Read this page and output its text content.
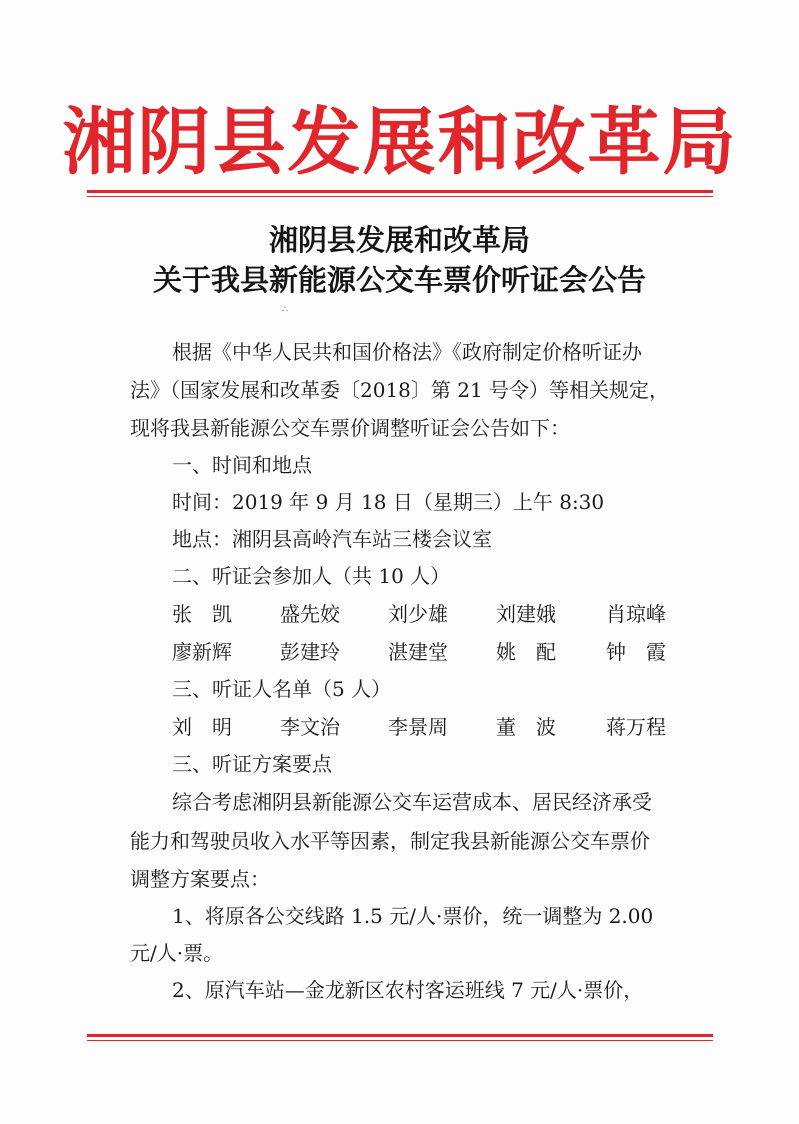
湘阴县发展和改革局
湘阴县发展和改革局
关于我县新能源公交车票价听证会公告
∴
根据《中华人民共和国价格法》《政府制定价格听证办
法》（国家发展和改革委〔2018〕第 21 号令）等相关规定，
现将我县新能源公交车票价调整听证会公告如下：
一、时间和地点
时间：2019 年 9 月 18 日（星期三）上午 8:30
地点：湘阴县高岭汽车站三楼会议室
二、听证会参加人（共 10 人）
张　凯 盛先姣 刘少雄 刘建娥	肖琼峰
廖新辉 彭建玲 湛建堂 姚　配	钟　霞
三、听证人名单（5 人）
刘　明 李文治 李景周 董　波	蒋万程
三、听证方案要点
综合考虑湘阴县新能源公交车运营成本、居民经济承受
能力和驾驶员收入水平等因素，制定我县新能源公交车票价
调整方案要点：
1、将原各公交线路 1.5 元/人·票价，统一调整为 2.00
元/人·票。
2、原汽车站—金龙新区农村客运班线 7 元/人·票价，
